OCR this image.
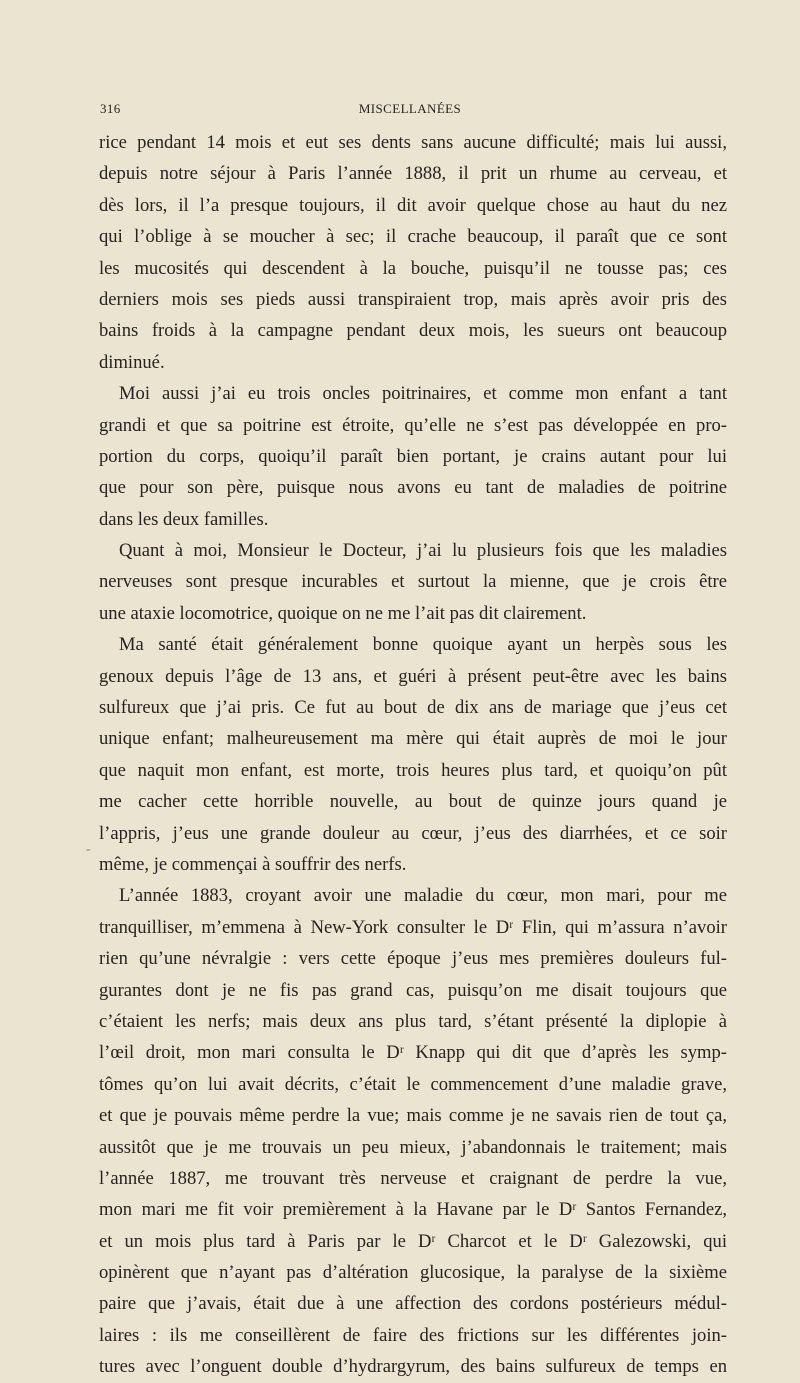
316	MISCELLANÉES
-
rice pendant 14 mois et eut ses dents sans aucune difficulté; mais lui aussi,
depuis notre séjour à Paris l’année 1888, il prit un rhume au cerveau, et
dès lors, il l’a presque toujours, il dit avoir quelque chose au haut du nez
qui l’oblige à se moucher à sec; il crache beaucoup, il paraît que ce sont
les mucosités qui descendent à la bouche, puisqu’il ne tousse pas; ces
derniers mois ses pieds aussi transpiraient trop, mais après avoir pris des
bains froids à la campagne pendant deux mois, les sueurs ont beaucoup
diminué.
Moi aussi j’ai eu trois oncles poitrinaires, et comme mon enfant a tant
grandi et que sa poitrine est étroite, qu’elle ne s’est pas développée en pro-
portion du corps, quoiqu’il paraît bien portant, je crains autant pour lui
que pour son père, puisque nous avons eu tant de maladies de poitrine
dans les deux familles.
Quant à moi, Monsieur le Docteur, j’ai lu plusieurs fois que les maladies
nerveuses sont presque incurables et surtout la mienne, que je crois être
une ataxie locomotrice, quoique on ne me l’ait pas dit clairement.
Ma santé était généralement bonne quoique ayant un herpès sous les
genoux depuis l’âge de 13 ans, et guéri à présent peut-être avec les bains
sulfureux que j’ai pris. Ce fut au bout de dix ans de mariage que j’eus cet
unique enfant; malheureusement ma mère qui était auprès de moi le jour
que naquit mon enfant, est morte, trois heures plus tard, et quoiqu’on pût
me cacher cette horrible nouvelle, au bout de quinze jours quand je
l’appris, j’eus une grande douleur au cœur, j’eus des diarrhées, et ce soir
même, je commençai à souffrir des nerfs.
L’année 1883, croyant avoir une maladie du cœur, mon mari, pour me
tranquilliser, m’emmena à New-York consulter le Dʳ Flin, qui m’assura n’avoir
rien qu’une névralgie : vers cette époque j’eus mes premières douleurs ful-
gurantes dont je ne fis pas grand cas, puisqu’on me disait toujours que
c’étaient les nerfs; mais deux ans plus tard, s’étant présenté la diplopie à
l’œil droit, mon mari consulta le Dʳ Knapp qui dit que d’après les symp-
tômes qu’on lui avait décrits, c’était le commencement d’une maladie grave,
et que je pouvais même perdre la vue; mais comme je ne savais rien de tout ça,
aussitôt que je me trouvais un peu mieux, j’abandonnais le traitement; mais
l’année 1887, me trouvant très nerveuse et craignant de perdre la vue,
mon mari me fit voir premièrement à la Havane par le Dʳ Santos Fernandez,
et un mois plus tard à Paris par le Dʳ Charcot et le Dʳ Galezowski, qui
opinèrent que n’ayant pas d’altération glucosique, la paralyse de la sixième
paire que j’avais, était due à une affection des cordons postérieurs médul-
laires : ils me conseillèrent de faire des frictions sur les différentes join-
tures avec l’onguent double d’hydrargyrum, des bains sulfureux de temps en
